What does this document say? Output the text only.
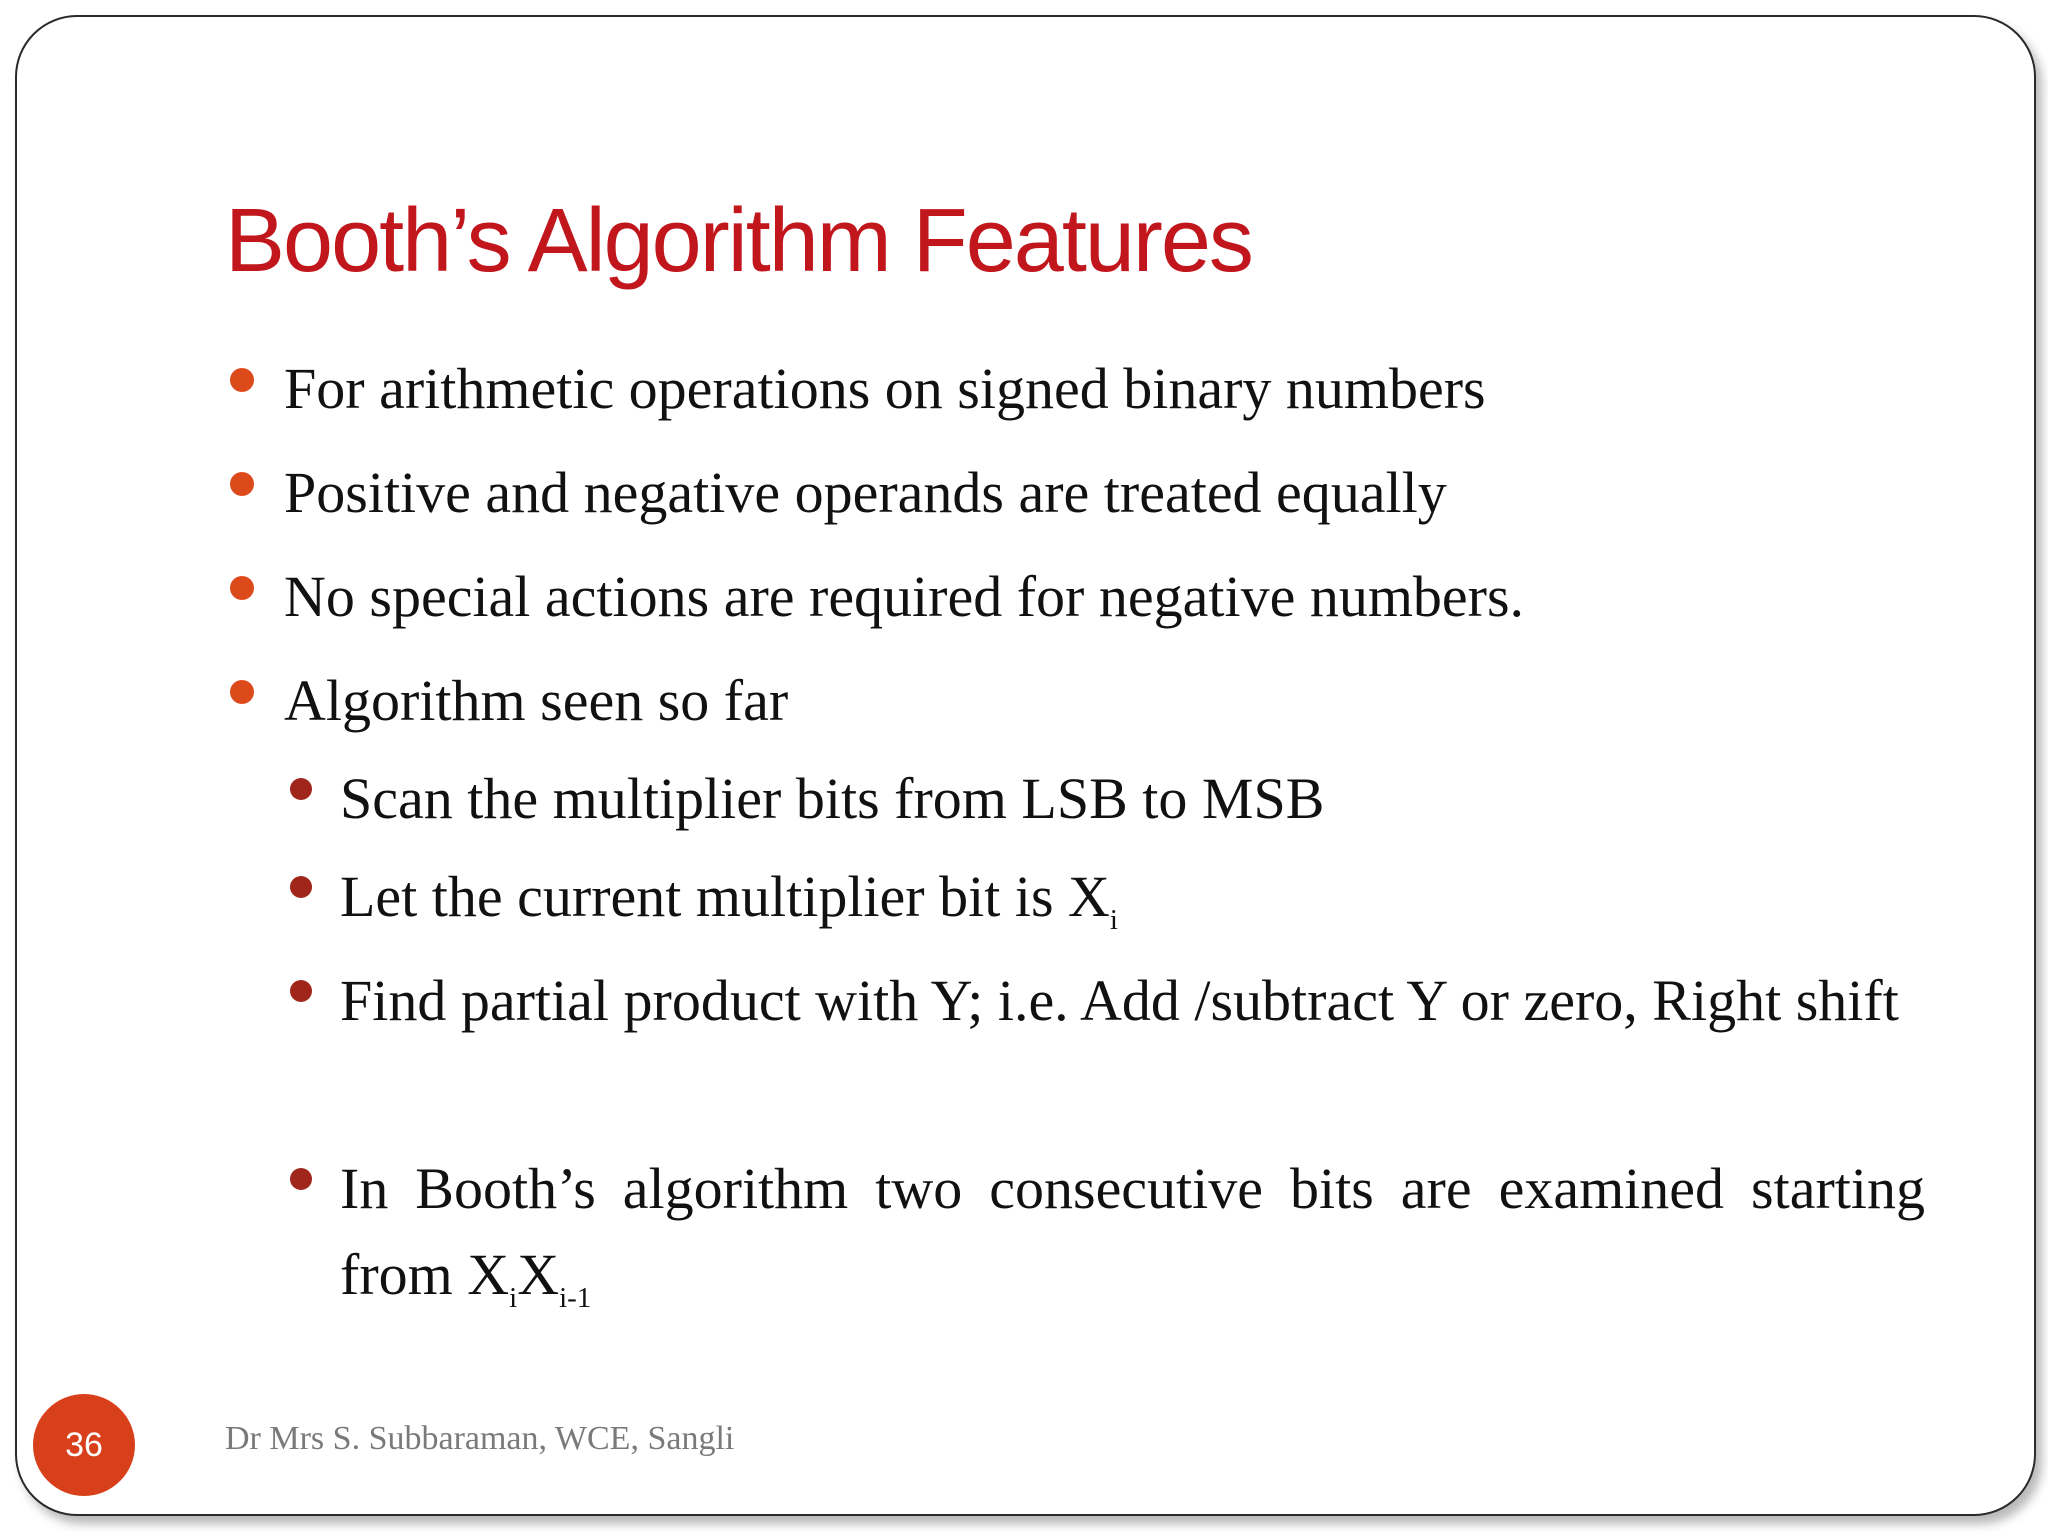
Booth’s Algorithm Features
For arithmetic operations on signed binary numbers
Positive and negative operands are treated equally
No special actions are required for negative numbers.
Algorithm seen so far
Scan the multiplier bits from LSB to MSB
Let the current multiplier bit is $X_i$
Find partial product with Y; i.e. Add /subtract Y or zero, Right shift
In Booth’s algorithm two consecutive bits are examined starting from $X_iX_{i-1}$
36	Dr Mrs S. Subbaraman, WCE, Sangli
